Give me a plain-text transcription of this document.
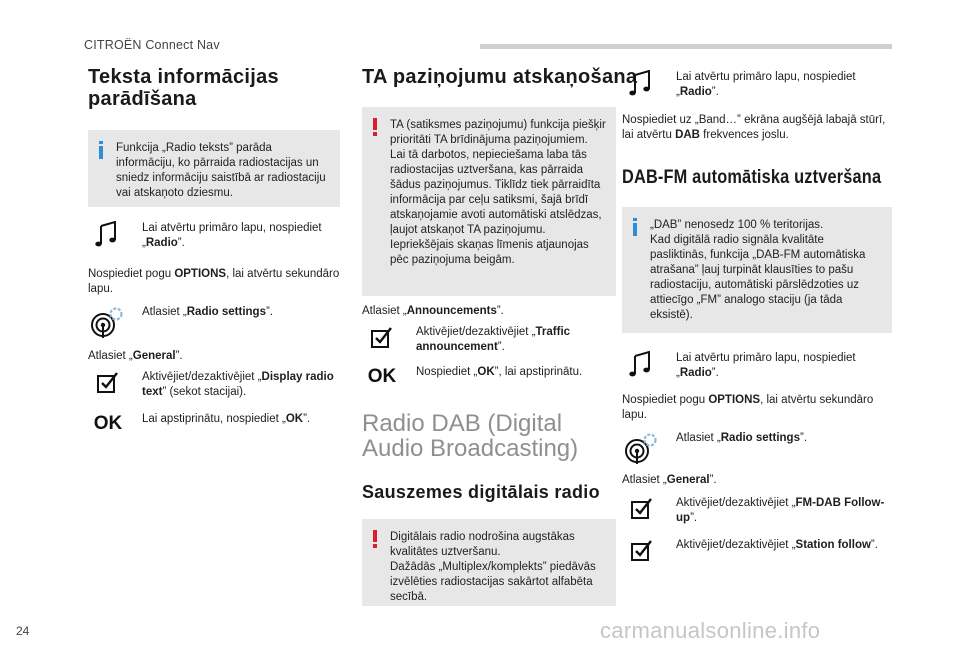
CITROËN Connect Nav
Teksta informācijas parādīšana
Funkcija „Radio teksts” parāda informāciju, ko pārraida radiostacijas un sniedz informāciju saistībā ar radiostaciju vai atskaņoto dziesmu.
Lai atvērtu primāro lapu, nospiediet „Radio”.

Nospiediet pogu OPTIONS, lai atvērtu sekundāro lapu.

Atlasiet „Radio settings”.

Atlasiet „General”.

Aktivējiet/dezaktivējiet „Display radio text” (sekot stacijai).
OK	Lai apstiprinātu, nospiediet „OK”.
TA paziņojumu atskaņošana
TA (satiksmes paziņojumu) funkcija piešķir prioritāti TA brīdinājuma paziņojumiem. Lai tā darbotos, nepieciešama laba tās radiostacijas uztveršana, kas pārraida šādus paziņojumus. Tiklīdz tiek pārraidīta informācija par ceļu satiksmi, šajā brīdī atskaņojamie avoti automātiski atslēdzas, ļaujot atskaņot TA paziņojumu. Iepriekšējais skaņas līmenis atjaunojas pēc paziņojuma beigām.

Atlasiet „Announcements”.

Aktivējiet/dezaktivējiet „Traffic announcement”.
OK	Nospiediet „OK”, lai apstiprinātu.
Radio DAB (Digital Audio Broadcasting)
Sauszemes digitālais radio
Digitālais radio nodrošina augstākas kvalitātes uztveršanu.
Dažādās „Multiplex/komplekts” piedāvās izvēlēties radiostacijas sakārtot alfabēta secībā.
Lai atvērtu primāro lapu, nospiediet „Radio”.

Nospiediet uz „Band…” ekrāna augšējā labajā stūrī, lai atvērtu DAB frekvences joslu.

DAB-FM automātiska uztveršana
„DAB” nenosedz 100 % teritorijas.
Kad digitālā radio signāla kvalitāte pasliktinās, funkcija „DAB-FM automātiska atrašana” ļauj turpināt klausīties to pašu radiostaciju, automātiski pārslēdzoties uz attiecīgo „FM” analogo staciju (ja tāda eksistē).
Lai atvērtu primāro lapu, nospiediet „Radio”.

Nospiediet pogu OPTIONS, lai atvērtu sekundāro lapu.

Atlasiet „Radio settings”.

Atlasiet „General”.

Aktivējiet/dezaktivējiet „FM-DAB Follow-up”.
Aktivējiet/dezaktivējiet „Station follow”.
24	carmanualsonline.info
